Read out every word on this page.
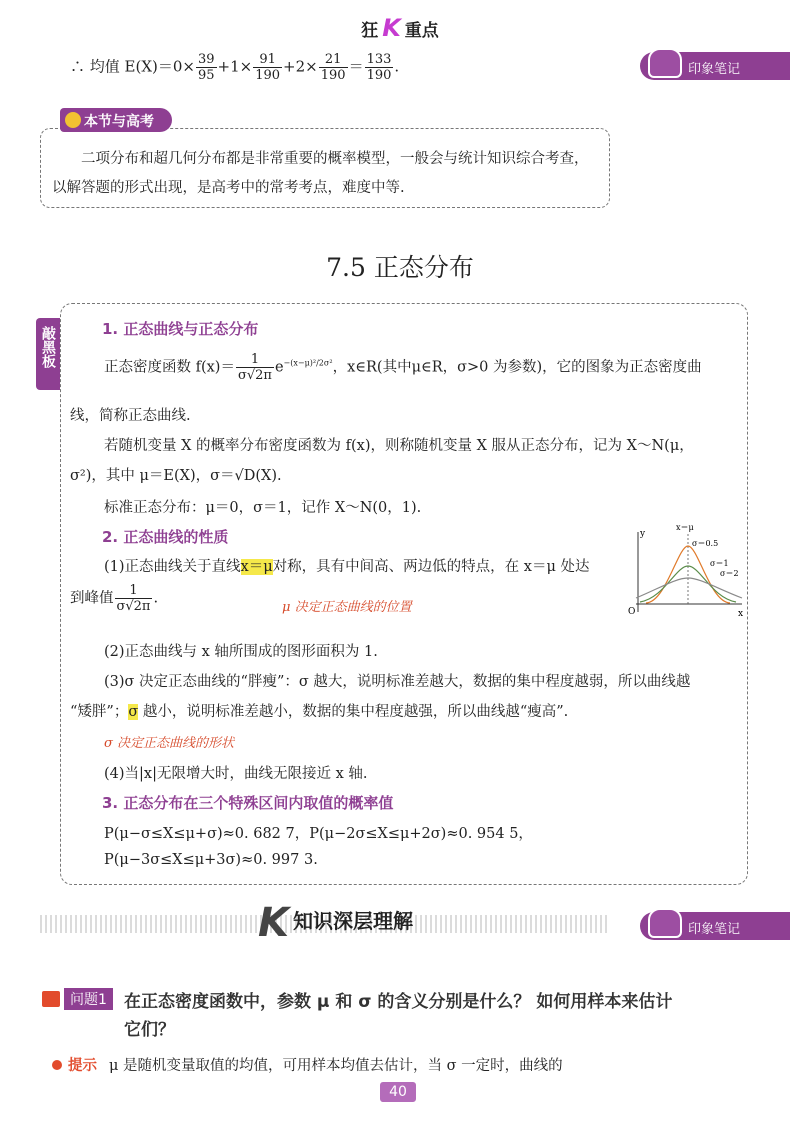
狂 K 重点
印象笔记
∴ 均值 $E(X)=0\times \frac{39}{95} +1\times \frac{91}{190} +2\times \frac{21}{190} = \frac{133}{190}$ .
本节与高考
二项分布和超几何分布都是非常重要的概率模型，一般会与统计知识综合考查，以解答题的形式出现，是高考中的常考考点，难度中等.
7.5 正态分布
敲黑板	1. 正态曲线与正态分布
正态密度函数 $f(x)= \frac{1}{\sigma√2\pi} e^{-(x-\mu)^2/2\sigma^2}$，x∈R(其中μ∈R，σ>0 为参数)，它的图象为正态密度曲
线，简称正态曲线.
若随机变量 X 的概率分布密度函数为 f(x)，则称随机变量 X 服从正态分布，记为 X～N(μ，
σ²)，其中 μ＝E(X)，σ＝√D(X).
标准正态分布：μ＝0，σ＝1，记作 X～N(0，1).
2. 正态曲线的性质
(1)正态曲线关于直线x＝μ对称，具有中间高、两边低的特点，在 x＝μ 处达
到峰值 $\frac{1}{\sigma√2\pi}$ .
μ 决定正态曲线的位置
(2)正态曲线与 x 轴所围成的图形面积为 1.
(3)σ 决定正态曲线的“胖瘦”：σ 越大，说明标准差越大，数据的集中程度越弱，所以曲线越
“矮胖”；σ 越小，说明标准差越小，数据的集中程度越强，所以曲线越“瘦高”.
σ 决定正态曲线的形状
(4)当|x|无限增大时，曲线无限接近 x 轴.
3. 正态分布在三个特殊区间内取值的概率值
P(μ−σ≤X≤μ+σ)≈0. 682 7，P(μ−2σ≤X≤μ+2σ)≈0. 954 5，
P(μ−3σ≤X≤μ+3σ)≈0. 997 3.
x＝μ
σ＝0.5
σ＝1
σ＝2
O	x
y
K知识深层理解	印象笔记
问题1	在正态密度函数中，参数 μ 和 σ 的含义分别是什么？ 如何用样本来估计它们？
提示 μ 是随机变量取值的均值，可用样本均值去估计，当 σ 一定时，曲线的
40
